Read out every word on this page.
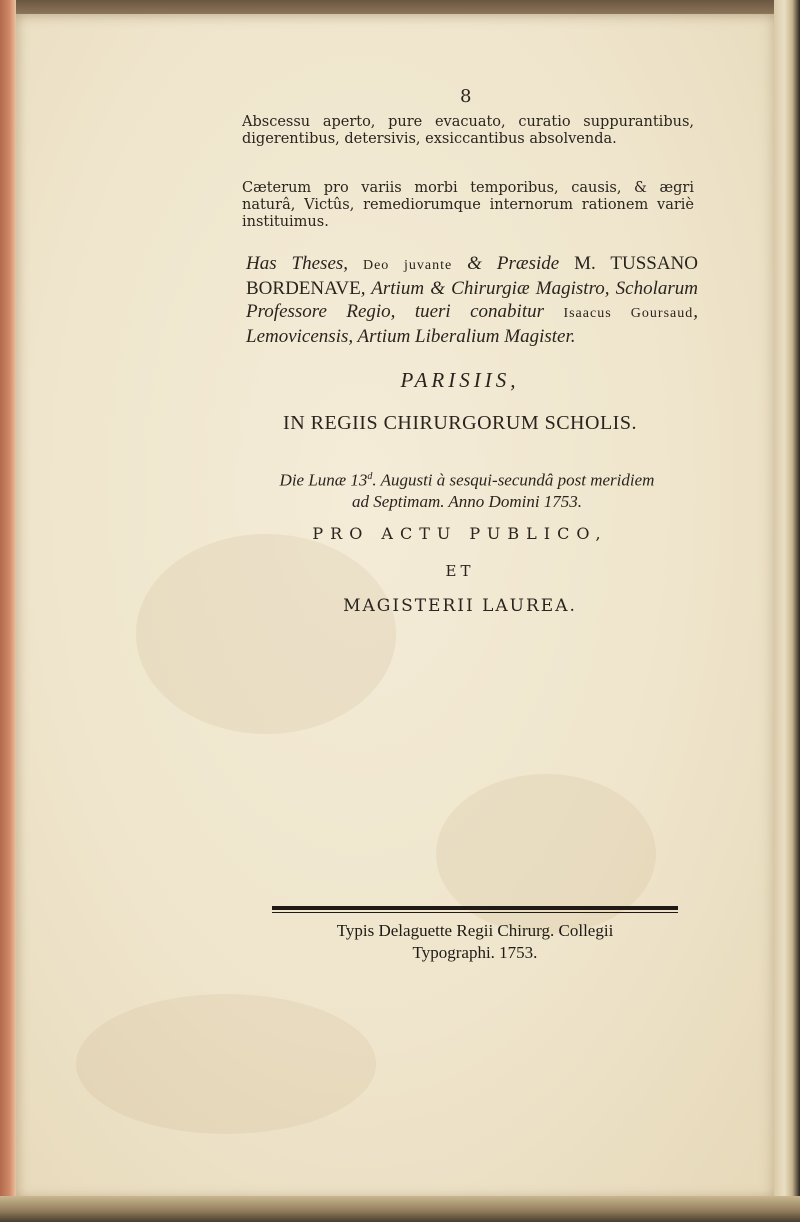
8

Abscessu aperto, pure evacuato, curatio suppurantibus, digerentibus, detersivis, exsiccantibus absolvenda.

Cæterum pro variis morbi temporibus, causis, & ægri naturâ, Victûs, remediorumque internorum rationem variè instituimus.

Has Theses, Deo juvante & Præside M. TUSSANO BORDENAVE, Artium & Chirurgiæ Magistro, Scholarum Professore Regio, tueri conabitur Isaacus Goursaud, Lemovicensis, Artium Liberalium Magister.
PARISIIS,
IN REGIIS CHIRURGORUM SCHOLIS.
Die Lunæ 13$^d$. Augusti à sesqui-secundâ post meridiem
ad Septimam. Anno Domini 1753.
PRO ACTU PUBLICO,
ET
MAGISTERII LAUREA.
Typis Delaguette Regii Chirurg. Collegii
Typographi. 1753.
